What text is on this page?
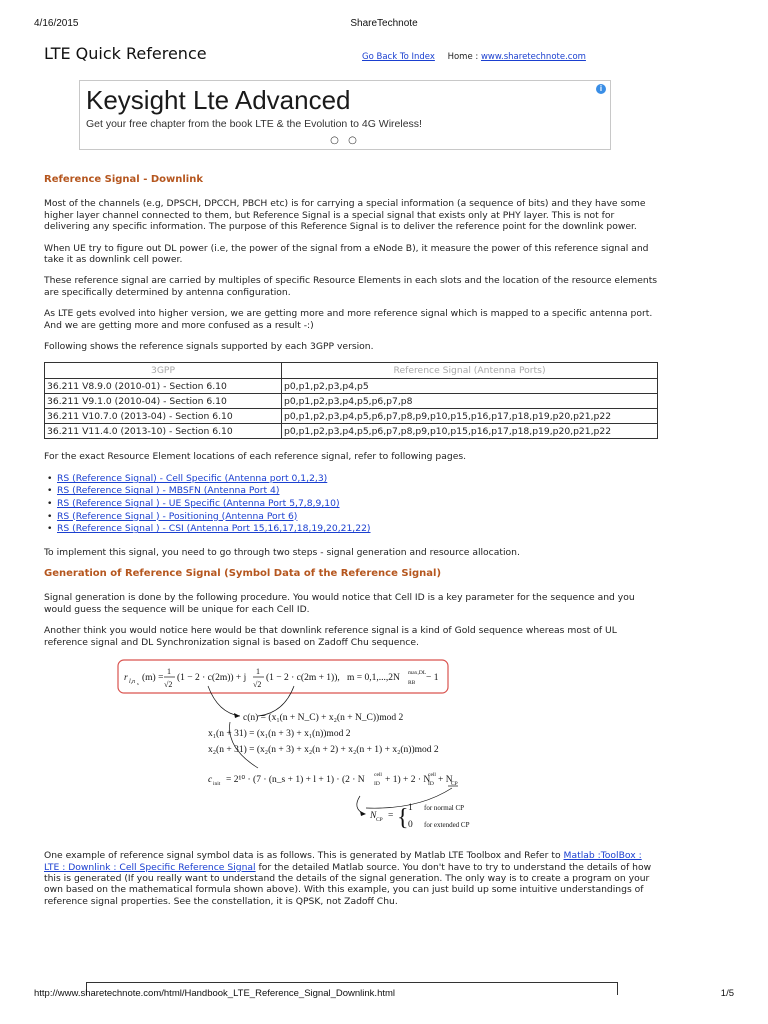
4/16/2015	ShareTechnote
LTE Quick Reference	Go Back To Index Home : www.sharetechnote.com
Keysight Lte Advanced
Get your free chapter from the book LTE & the Evolution to 4G Wireless!
○ ○
i
Reference Signal - Downlink

Most of the channels (e.g, DPSCH, DPCCH, PBCH etc) is for carrying a special information (a sequence of bits) and they have some higher layer channel connected to them, but Reference Signal is a special signal that exists only at PHY layer. This is not for delivering any specific information. The purpose of this Reference Signal is to deliver the reference point for the downlink power.

When UE try to figure out DL power (i.e, the power of the signal from a eNode B), it measure the power of this reference signal and take it as downlink cell power.

These reference signal are carried by multiples of specific Resource Elements in each slots and the location of the resource elements are specifically determined by antenna configuration.

As LTE gets evolved into higher version, we are getting more and more reference signal which is mapped to a specific antenna port. And we are getting more and more confused as a result -:)

Following shows the reference signals supported by each 3GPP version.

3GPP	Reference Signal (Antenna Ports)
36.211 V8.9.0 (2010-01) - Section 6.10	p0,p1,p2,p3,p4,p5
36.211 V9.1.0 (2010-04) - Section 6.10	p0,p1,p2,p3,p4,p5,p6,p7,p8
36.211 V10.7.0 (2013-04) - Section 6.10	p0,p1,p2,p3,p4,p5,p6,p7,p8,p9,p10,p15,p16,p17,p18,p19,p20,p21,p22
36.211 V11.4.0 (2013-10) - Section 6.10	p0,p1,p2,p3,p4,p5,p6,p7,p8,p9,p10,p15,p16,p17,p18,p19,p20,p21,p22

For the exact Resource Element locations of each reference signal, refer to following pages.

• RS (Reference Signal) - Cell Specific (Antenna port 0,1,2,3)
• RS (Reference Signal ) - MBSFN (Antenna Port 4)
• RS (Reference Signal ) - UE Specific (Antenna Port 5,7,8,9,10)
• RS (Reference Signal ) - Positioning (Antenna Port 6)
• RS (Reference Signal ) - CSI (Antenna Port 15,16,17,18,19,20,21,22)

To implement this signal, you need to go through two steps - signal generation and resource allocation.

Generation of Reference Signal (Symbol Data of the Reference Signal)

Signal generation is done by the following procedure. You would notice that Cell ID is a key parameter for the sequence and you would guess the sequence will be unique for each Cell ID.

Another think you would notice here would be that downlink reference signal is a kind of Gold sequence whereas most of UL reference signal and DL Synchronization signal is based on Zadoff Chu sequence.

r l,n s
(m) =
1
√2
(1 − 2 · c(2m)) + j
1
√2
(1 − 2 · c(2m + 1)), m = 0,1,...,2N max,DL
RB − 1
c(n) = (x₁(n + N_C) + x₂(n + N_C))mod 2
x₁(n + 31) = (x₁(n + 3) + x₁(n))mod 2
x₂(n + 31) = (x₂(n + 3) + x₂(n + 2) + x₂(n + 1) + x₂(n))mod 2
c init = 2¹⁰ · (7 · (n_s + 1) + l + 1) · (2 · N cell
ID + 1) + 2 · N
cell
ID + N
CP
N CP = { 1 for normal CP
0 for extended CP

One example of reference signal symbol data is as follows. This is generated by Matlab LTE Toolbox and Refer to Matlab :ToolBox : LTE : Downlink : Cell Specific Reference Signal for the detailed Matlab source. You don't have to try to understand the details of how this is generated (If you really want to understand the details of the signal generation. The only way is to create a program on your own based on the mathematical formula shown above). With this example, you can just build up some intuitive understandings of reference signal properties. See the constellation, it is QPSK, not Zadoff Chu.

http://www.sharetechnote.com/html/Handbook_LTE_Reference_Signal_Downlink.html	1/5
